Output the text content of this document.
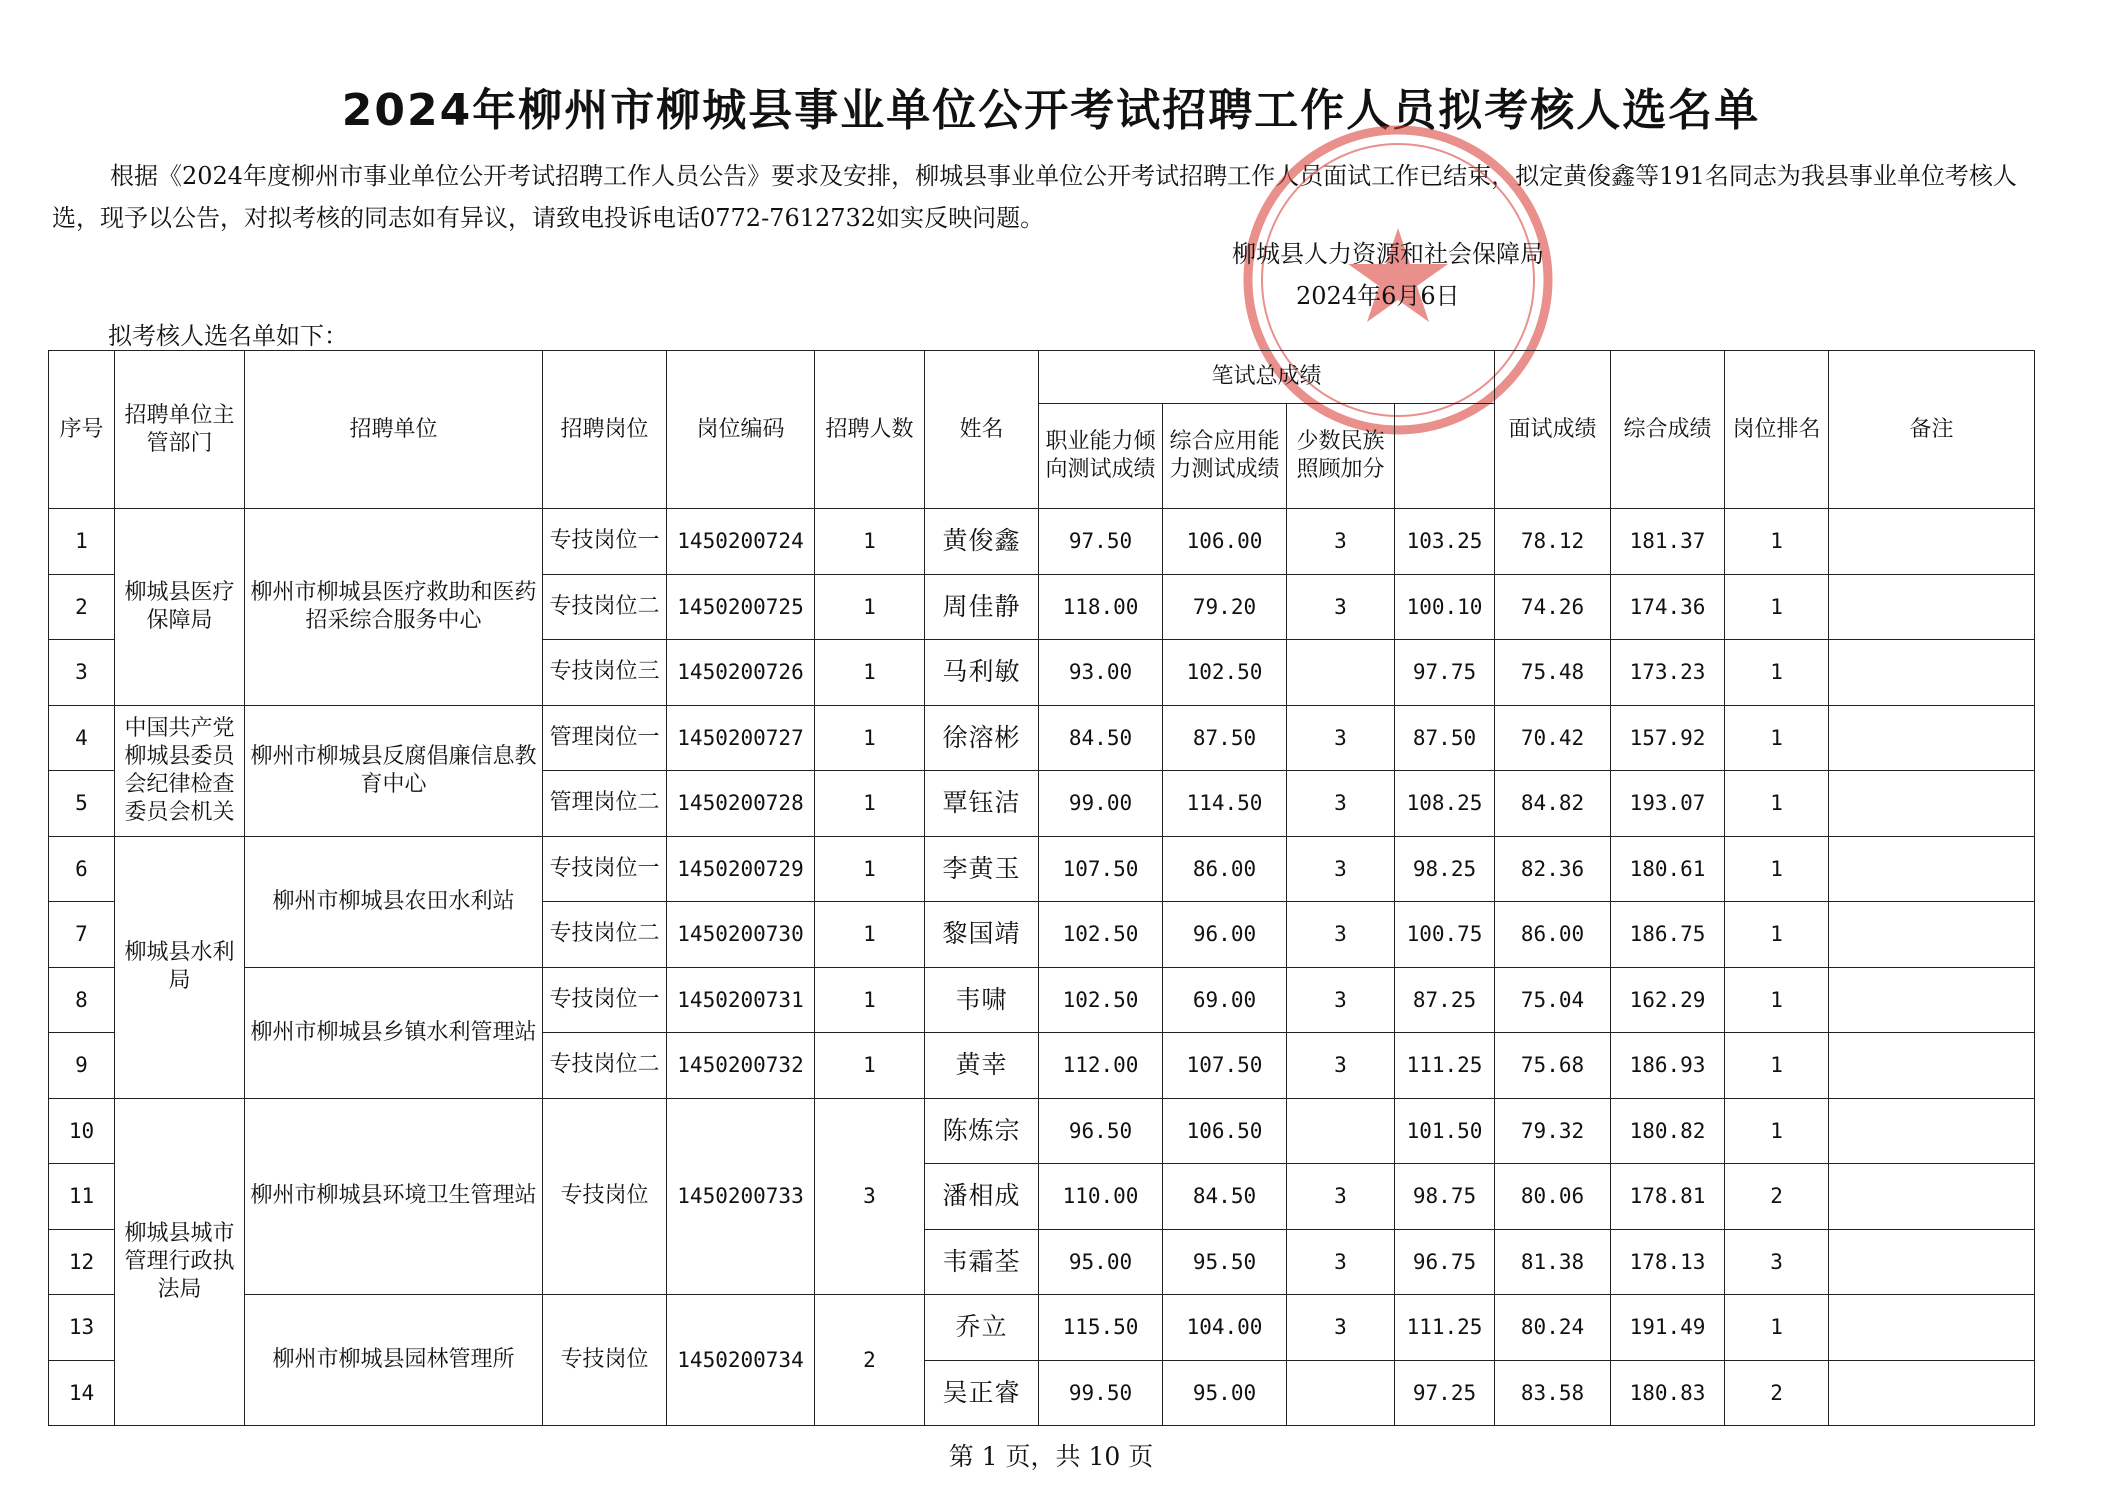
2024年柳州市柳城县事业单位公开考试招聘工作人员拟考核人选名单

根据《2024年度柳州市事业单位公开考试招聘工作人员公告》要求及安排，柳城县事业单位公开考试招聘工作人员面试工作已结束，拟定黄俊鑫等191名同志为我县事业单位考核人选，现予以公告，对拟考核的同志如有异议，请致电投诉电话0772-7612732如实反映问题。

柳城县人力资源和社会保障局
2024年6月6日
拟考核人选名单如下：
序号	招聘单位主管部门	招聘单位	招聘岗位	岗位编码	招聘人数	姓名	笔试总成绩				面试成绩	综合成绩	岗位排名	备注
							职业能力倾向测试成绩	综合应用能力测试成绩	少数民族照顾加分					
1	柳城县医疗保障局	柳州市柳城县医疗救助和医药招采综合服务中心	专技岗位一	1450200724	1	黄俊鑫	97.50	106.00	3	103.25	78.12	181.37	1	
2			专技岗位二	1450200725	1	周佳静	118.00	79.20	3	100.10	74.26	174.36	1	
3			专技岗位三	1450200726	1	马利敏	93.00	102.50		97.75	75.48	173.23	1	
4	中国共产党柳城县委员会纪律检查委员会机关	柳州市柳城县反腐倡廉信息教育中心	管理岗位一	1450200727	1	徐溶彬	84.50	87.50	3	87.50	70.42	157.92	1	
5			管理岗位二	1450200728	1	覃钰洁	99.00	114.50	3	108.25	84.82	193.07	1	
6	柳城县水利局	柳州市柳城县农田水利站	专技岗位一	1450200729	1	李黄玉	107.50	86.00	3	98.25	82.36	180.61	1	
7			专技岗位二	1450200730	1	黎国靖	102.50	96.00	3	100.75	86.00	186.75	1	
8		柳州市柳城县乡镇水利管理站	专技岗位一	1450200731	1	韦啸	102.50	69.00	3	87.25	75.04	162.29	1	
9			专技岗位二	1450200732	1	黄幸	112.00	107.50	3	111.25	75.68	186.93	1	
10	柳城县城市管理行政执法局	柳州市柳城县环境卫生管理站	专技岗位	1450200733	3	陈炼宗	96.50	106.50		101.50	79.32	180.82	1	
11						潘相成	110.00	84.50	3	98.75	80.06	178.81	2	
12						韦霜荃	95.00	95.50	3	96.75	81.38	178.13	3	
13		柳州市柳城县园林管理所	专技岗位	1450200734	2	乔立	115.50	104.00	3	111.25	80.24	191.49	1	
14						吴正睿	99.50	95.00		97.25	83.58	180.83	2	
第 1 页，共 10 页
